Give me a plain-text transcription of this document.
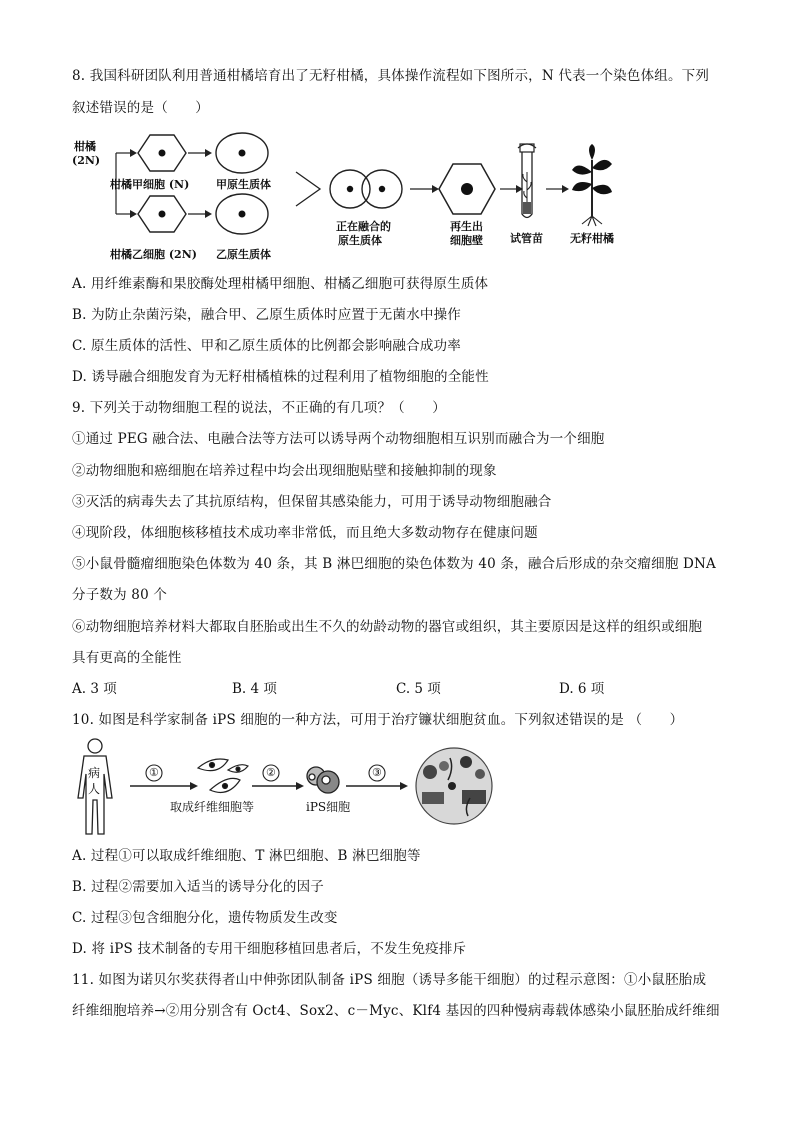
8. 我国科研团队利用普通柑橘培育出了无籽柑橘，具体操作流程如下图所示，N 代表一个染色体组。下列
叙述错误的是（　　）
柑橘
(2N)
柑橘甲细胞 (N) 甲原生质体
柑橘乙细胞 (2N) 乙原生质体
正在融合的
原生质体
再生出
细胞壁 试管苗 无籽柑橘
A. 用纤维素酶和果胶酶处理柑橘甲细胞、柑橘乙细胞可获得原生质体
B. 为防止杂菌污染，融合甲、乙原生质体时应置于无菌水中操作
C. 原生质体的活性、甲和乙原生质体的比例都会影响融合成功率
D. 诱导融合细胞发育为无籽柑橘植株的过程利用了植物细胞的全能性
9. 下列关于动物细胞工程的说法，不正确的有几项？（　　）
①通过 PEG 融合法、电融合法等方法可以诱导两个动物细胞相互识别而融合为一个细胞
②动物细胞和癌细胞在培养过程中均会出现细胞贴壁和接触抑制的现象
③灭活的病毒失去了其抗原结构，但保留其感染能力，可用于诱导动物细胞融合
④现阶段，体细胞核移植技术成功率非常低，而且绝大多数动物存在健康问题
⑤小鼠骨髓瘤细胞染色体数为 40 条，其 B 淋巴细胞的染色体数为 40 条，融合后形成的杂交瘤细胞 DNA
分子数为 80 个
⑥动物细胞培养材料大都取自胚胎或出生不久的幼龄动物的器官或组织，其主要原因是这样的组织或细胞
具有更高的全能性
A. 3 项	B. 4 项	C. 5 项	D. 6 项
10. 如图是科学家制备 iPS 细胞的一种方法，可用于治疗镰状细胞贫血。下列叙述错误的是 （　　）
病
人
①	②	③
取成纤维细胞等	iPS细胞
A. 过程①可以取成纤维细胞、T 淋巴细胞、B 淋巴细胞等
B. 过程②需要加入适当的诱导分化的因子
C. 过程③包含细胞分化，遗传物质发生改变
D. 将 iPS 技术制备的专用干细胞移植回患者后，不发生免疫排斥
11. 如图为诺贝尔奖获得者山中伸弥团队制备 iPS 细胞（诱导多能干细胞）的过程示意图：①小鼠胚胎成
纤维细胞培养→②用分别含有 Oct4、Sox2、c－Myc、Klf4 基因的四种慢病毒载体感染小鼠胚胎成纤维细
